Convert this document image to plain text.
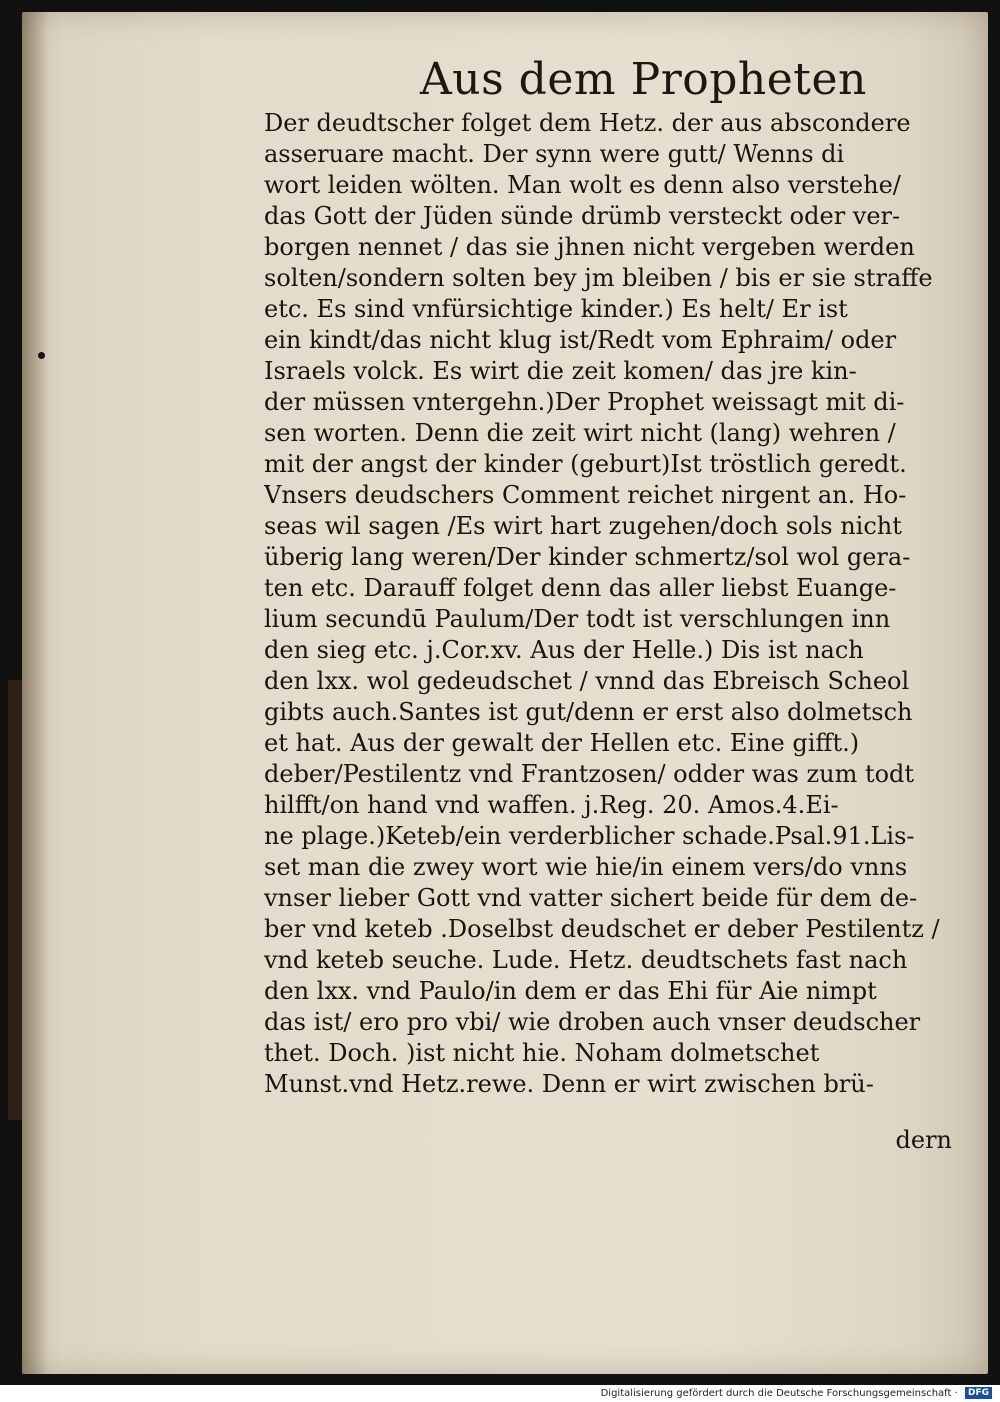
Aus dem Propheten
Der deudtscher folget dem Hetz. der aus abscondere
asseruare macht. Der synn were gutt/ Wenns di
wort leiden wölten. Man wolt es denn also verstehe/
das Gott der Jüden sünde drümb versteckt oder ver-
borgen nennet / das sie jhnen nicht vergeben werden
solten/sondern solten bey jm bleiben / bis er sie straffe
etc. Es sind vnfürsichtige kinder.) Es helt/ Er ist
ein kindt/das nicht klug ist/Redt vom Ephraim/ oder
Israels volck. Es wirt die zeit komen/ das jre kin-
der müssen vntergehn.)Der Prophet weissagt mit di-
sen worten. Denn die zeit wirt nicht (lang) wehren /
mit der angst der kinder (geburt)Ist tröstlich geredt.
Vnsers deudschers Comment reichet nirgent an. Ho-
seas wil sagen /Es wirt hart zugehen/doch sols nicht
überig lang weren/Der kinder schmertz/sol wol gera-
ten etc. Darauff folget denn das aller liebst Euange-
lium secundū Paulum/Der todt ist verschlungen inn
den sieg etc. j.Cor.xv. Aus der Helle.) Dis ist nach
den lxx. wol gedeudschet / vnnd das Ebreisch Scheol
gibts auch.Santes ist gut/denn er erst also dolmetsch
et hat. Aus der gewalt der Hellen etc. Eine gifft.)
deber/Pestilentz vnd Frantzosen/ odder was zum todt
hilfft/on hand vnd waffen. j.Reg. 20. Amos.4.Ei-
ne plage.)Keteb/ein verderblicher schade.Psal.91.Lis-
set man die zwey wort wie hie/in einem vers/do vnns
vnser lieber Gott vnd vatter sichert beide für dem de-
ber vnd keteb .Doselbst deudschet er deber Pestilentz /
vnd keteb seuche. Lude. Hetz. deudtschets fast nach
den lxx. vnd Paulo/in dem er das Ehi für Aie nimpt
das ist/ ero pro vbi/ wie droben auch vnser deudscher
thet. Doch. )ist nicht hie. Noham dolmetschet
Munst.vnd Hetz.rewe. Denn er wirt zwischen brü-
dern
Digitalisierung gefördert durch die Deutsche Forschungsgemeinschaft · DFG
